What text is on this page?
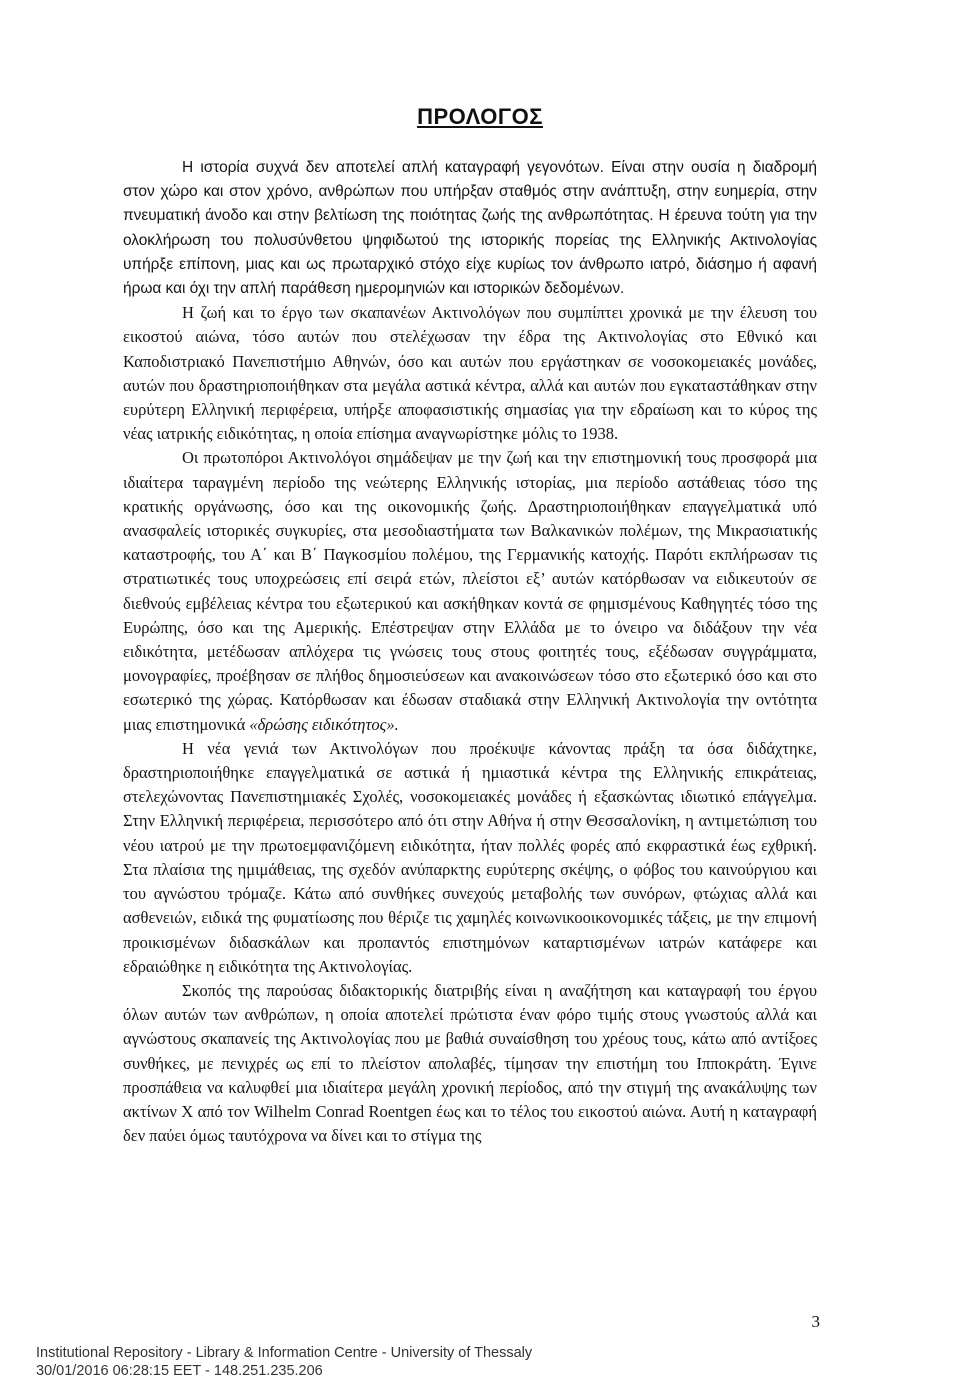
ΠΡΟΛΟΓΟΣ

Η ιστορία συχνά δεν αποτελεί απλή καταγραφή γεγονότων. Είναι στην ουσία η διαδρομή στον χώρο και στον χρόνο, ανθρώπων που υπήρξαν σταθμός στην ανάπτυξη, στην ευημερία, στην πνευματική άνοδο και στην βελτίωση της ποιότητας ζωής της ανθρωπότητας. Η έρευνα τούτη για την ολοκλήρωση του πολυσύνθετου ψηφιδωτού της ιστορικής πορείας της Ελληνικής Ακτινολογίας υπήρξε επίπονη, μιας και ως πρωταρχικό στόχο είχε κυρίως τον άνθρωπο ιατρό, διάσημο ή αφανή ήρωα και όχι την απλή παράθεση ημερομηνιών και ιστορικών δεδομένων.

Η ζωή και το έργο των σκαπανέων Ακτινολόγων που συμπίπτει χρονικά με την έλευση του εικοστού αιώνα, τόσο αυτών που στελέχωσαν την έδρα της Ακτινολογίας στο Εθνικό και Καποδιστριακό Πανεπιστήμιο Αθηνών, όσο και αυτών που εργάστηκαν σε νοσοκομειακές μονάδες, αυτών που δραστηριοποιήθηκαν στα μεγάλα αστικά κέντρα, αλλά και αυτών που εγκαταστάθηκαν στην ευρύτερη Ελληνική περιφέρεια, υπήρξε αποφασιστικής σημασίας για την εδραίωση και το κύρος της νέας ιατρικής ειδικότητας, η οποία επίσημα αναγνωρίστηκε μόλις το 1938.

Οι πρωτοπόροι Ακτινολόγοι σημάδεψαν με την ζωή και την επιστημονική τους προσφορά μια ιδιαίτερα ταραγμένη περίοδο της νεώτερης Ελληνικής ιστορίας, μια περίοδο αστάθειας τόσο της κρατικής οργάνωσης, όσο και της οικονομικής ζωής. Δραστηριοποιήθηκαν επαγγελματικά υπό ανασφαλείς ιστορικές συγκυρίες, στα μεσοδιαστήματα των Βαλκανικών πολέμων, της Μικρασιατικής καταστροφής, του Α΄ και Β΄ Παγκοσμίου πολέμου, της Γερμανικής κατοχής. Παρότι εκπλήρωσαν τις στρατιωτικές τους υποχρεώσεις επί σειρά ετών, πλείστοι εξ’ αυτών κατόρθωσαν να ειδικευτούν σε διεθνούς εμβέλειας κέντρα του εξωτερικού και ασκήθηκαν κοντά σε φημισμένους Καθηγητές τόσο της Ευρώπης, όσο και της Αμερικής. Επέστρεψαν στην Ελλάδα με το όνειρο να διδάξουν την νέα ειδικότητα, μετέδωσαν απλόχερα τις γνώσεις τους στους φοιτητές τους, εξέδωσαν συγγράμματα, μονογραφίες, προέβησαν σε πλήθος δημοσιεύσεων και ανακοινώσεων τόσο στο εξωτερικό όσο και στο εσωτερικό της χώρας. Κατόρθωσαν και έδωσαν σταδιακά στην Ελληνική Ακτινολογία την οντότητα μιας επιστημονικά «δρώσης ειδικότητος».

Η νέα γενιά των Ακτινολόγων που προέκυψε κάνοντας πράξη τα όσα διδάχτηκε, δραστηριοποιήθηκε επαγγελματικά σε αστικά ή ημιαστικά κέντρα της Ελληνικής επικράτειας, στελεχώνοντας Πανεπιστημιακές Σχολές, νοσοκομειακές μονάδες ή εξασκώντας ιδιωτικό επάγγελμα. Στην Ελληνική περιφέρεια, περισσότερο από ότι στην Αθήνα ή στην Θεσσαλονίκη, η αντιμετώπιση του νέου ιατρού με την πρωτοεμφανιζόμενη ειδικότητα, ήταν πολλές φορές από εκφραστικά έως εχθρική. Στα πλαίσια της ημιμάθειας, της σχεδόν ανύπαρκτης ευρύτερης σκέψης, ο φόβος του καινούργιου και του αγνώστου τρόμαζε. Κάτω από συνθήκες συνεχούς μεταβολής των συνόρων, φτώχιας αλλά και ασθενειών, ειδικά της φυματίωσης που θέριζε τις χαμηλές κοινωνικοοικονομικές τάξεις, με την επιμονή προικισμένων διδασκάλων και προπαντός επιστημόνων καταρτισμένων ιατρών κατάφερε και εδραιώθηκε η ειδικότητα της Ακτινολογίας.

Σκοπός της παρούσας διδακτορικής διατριβής είναι η αναζήτηση και καταγραφή του έργου όλων αυτών των ανθρώπων, η οποία αποτελεί πρώτιστα έναν φόρο τιμής στους γνωστούς αλλά και αγνώστους σκαπανείς της Ακτινολογίας που με βαθιά συναίσθηση του χρέους τους, κάτω από αντίξοες συνθήκες, με πενιχρές ως επί το πλείστον απολαβές, τίμησαν την επιστήμη του Ιπποκράτη. Έγινε προσπάθεια να καλυφθεί μια ιδιαίτερα μεγάλη χρονική περίοδος, από την στιγμή της ανακάλυψης των ακτίνων Χ από τον Wilhelm Conrad Roentgen έως και το τέλος του εικοστού αιώνα. Αυτή η καταγραφή δεν παύει όμως ταυτόχρονα να δίνει και το στίγμα της

3
Institutional Repository - Library & Information Centre - University of Thessaly
30/01/2016 06:28:15 EET - 148.251.235.206
